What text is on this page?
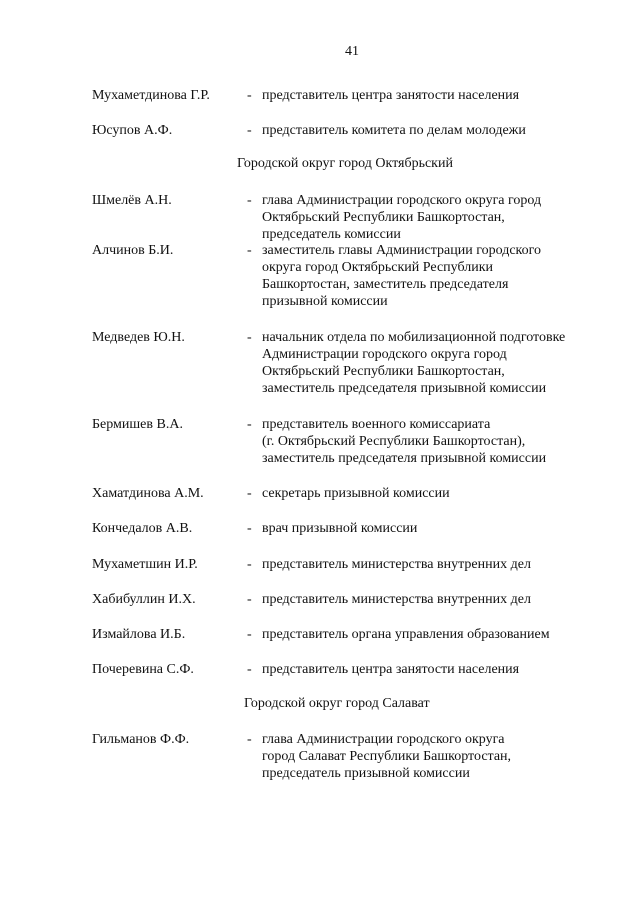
41
Мухаметдинова Г.Р.	- представитель центра занятости населения
Юсупов А.Ф.	- представитель комитета по делам молодежи
Городской округ город Октябрьский
Шмелёв А.Н.	- глава Администрации городского округа город
Октябрьский Республики Башкортостан,
председатель комиссии
Алчинов Б.И.	- заместитель главы Администрации городского
округа город Октябрьский Республики
Башкортостан, заместитель председателя
призывной комиссии
Медведев Ю.Н.	- начальник отдела по мобилизационной подготовке
Администрации городского округа город
Октябрьский Республики Башкортостан,
заместитель председателя призывной комиссии
Бермишев В.А.	- представитель военного комиссариата
(г. Октябрьский Республики Башкортостан),
заместитель председателя призывной комиссии
Хаматдинова А.М.	- секретарь призывной комиссии
Кончедалов А.В.	- врач призывной комиссии
Мухаметшин И.Р.	- представитель министерства внутренних дел
Хабибуллин И.Х.	- представитель министерства внутренних дел
Измайлова И.Б.	- представитель органа управления образованием
Почеревина С.Ф.	- представитель центра занятости населения
Городской округ город Салават
Гильманов Ф.Ф.	- глава Администрации городского округа
город Салават Республики Башкортостан,
председатель призывной комиссии
